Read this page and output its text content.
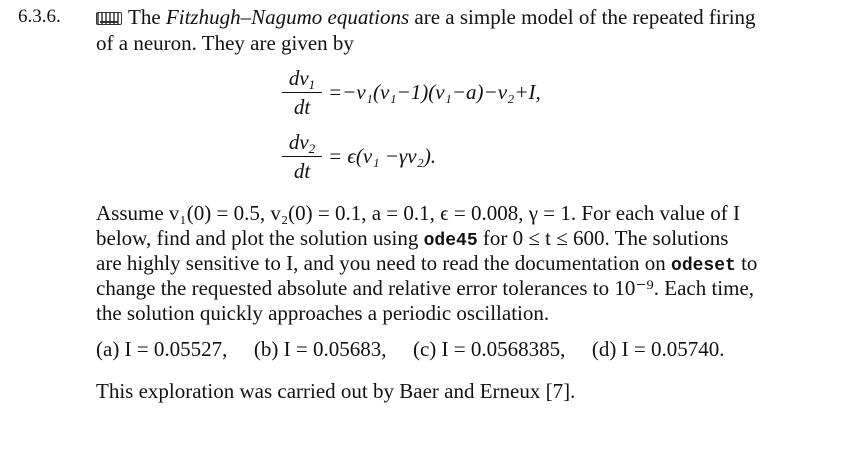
6.3.6.	The Fitzhugh–Nagumo equations are a simple model of the repeated firing
of a neuron. They are given by
$dv_1$
dt
=−v₁(v₁−1)(v₁−a)−v₂+I,
$dv_2$
dt
= ϵ(v₁ −γv₂).
Assume v₁(0) = 0.5, v₂(0) = 0.1, a = 0.1, ϵ = 0.008, γ = 1. For each value of I
below, find and plot the solution using ode45 for 0 ≤ t ≤ 600. The solutions
are highly sensitive to I, and you need to read the documentation on odeset to
change the requested absolute and relative error tolerances to 10⁻⁹. Each time,
the solution quickly approaches a periodic oscillation.
(a) I = 0.05527, (b) I = 0.05683, (c) I = 0.0568385, (d) I = 0.05740.
This exploration was carried out by Baer and Erneux [7].
